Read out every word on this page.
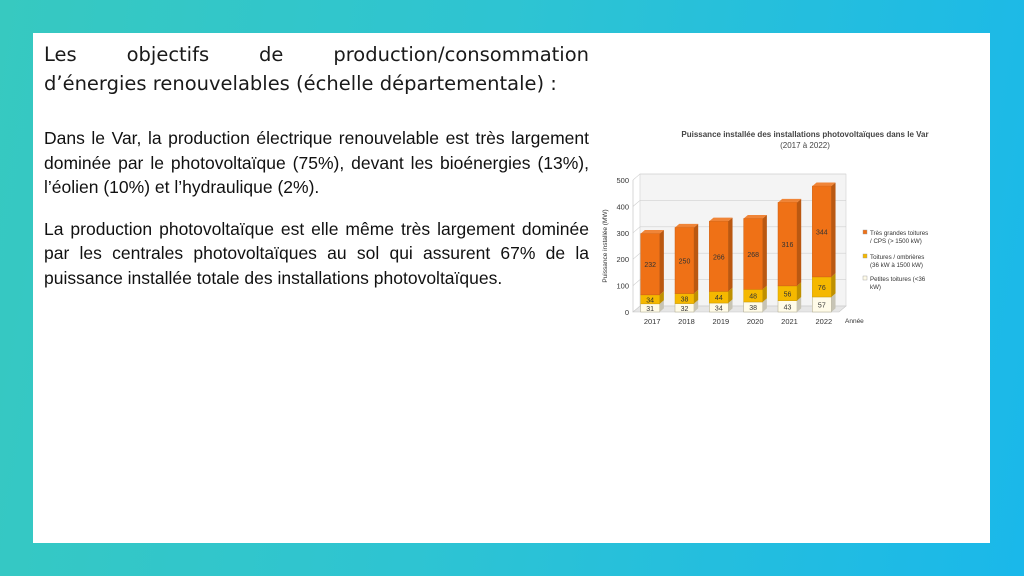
Les objectifs de production/consommation
d’énergies renouvelables (échelle départementale) :

Dans le Var, la production électrique renouvelable est très largement dominée par le photovoltaïque (75%), devant les bioénergies (13%), l’éolien (10%) et l’hydraulique (2%).

La production photovoltaïque est elle même très largement dominée par les centrales photovoltaïques au sol qui assurent 67% de la puissance installée totale des installations photovoltaïques.

Puissance installée des installations photovoltaïques dans le Var
(2017 à 2022)
0
100
200
300
400
500
Puissance installée (MW)
31
34
232
2017
32
38
250
2018
34
44
266
2019
38
48
268
2020
43
56
316
2021
57
76
344
2022 Année
Très grandes toitures
/ CPS (> 1500 kW)
Toitures / ombrières
(36 kW à 1500 kW)
Petites toitures (<36
kW)
